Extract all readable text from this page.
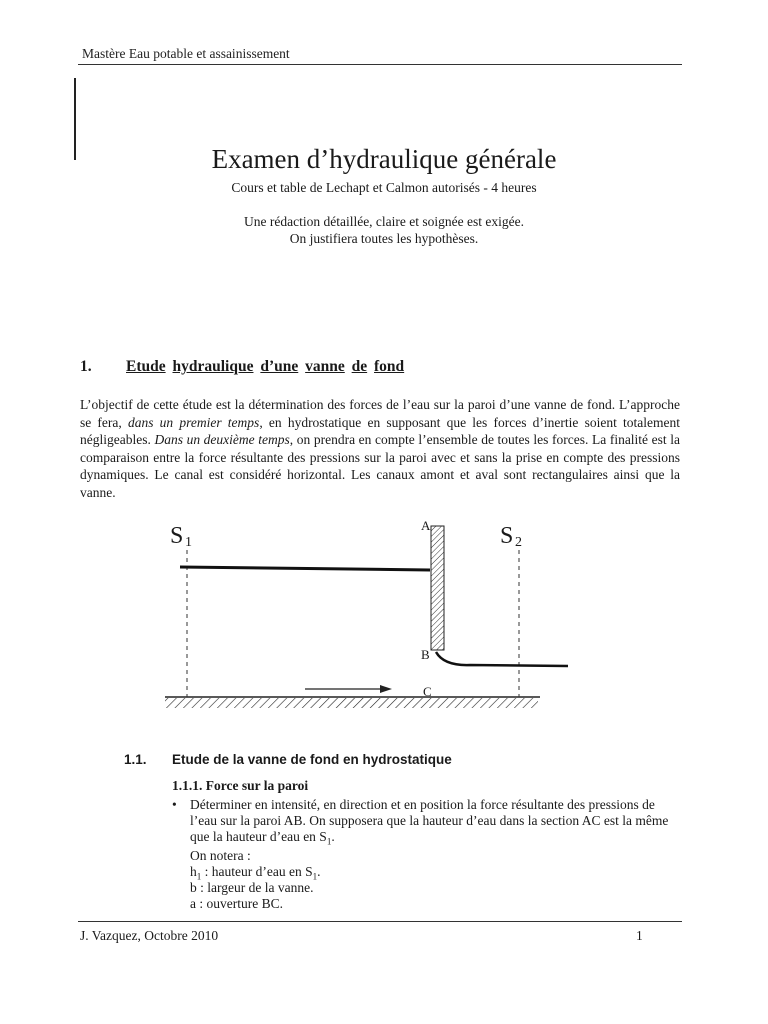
Mastère Eau potable et assainissement
Examen d’hydraulique générale
Cours et table de Lechapt et Calmon autorisés - 4 heures
Une rédaction détaillée, claire et soignée est exigée.
On justifiera toutes les hypothèses.
1. Etude hydraulique d’une vanne de fond
L’objectif de cette étude est la détermination des forces de l’eau sur la paroi d’une vanne de fond. L’approche se fera, dans un premier temps, en hydrostatique en supposant que les forces d’inertie soient totalement négligeables. Dans un deuxième temps, on prendra en compte l’ensemble de toutes les forces. La finalité est la comparaison entre la force résultante des pressions sur la paroi avec et sans la prise en compte des pressions dynamiques. Le canal est considéré horizontal. Les canaux amont et aval sont rectangulaires ainsi que la vanne.
S 1	S 2
A
B
C
1.1. Etude de la vanne de fond en hydrostatique
1.1.1. Force sur la paroi
• Déterminer en intensité, en direction et en position la force résultante des pressions de l’eau sur la paroi AB. On supposera que la hauteur d’eau dans la section AC est la même que la hauteur d’eau en $S_1$.
On notera :
$h_1$ : hauteur d’eau en $S_1$.
b : largeur de la vanne.
a : ouverture BC.
J. Vazquez, Octobre 2010	1
